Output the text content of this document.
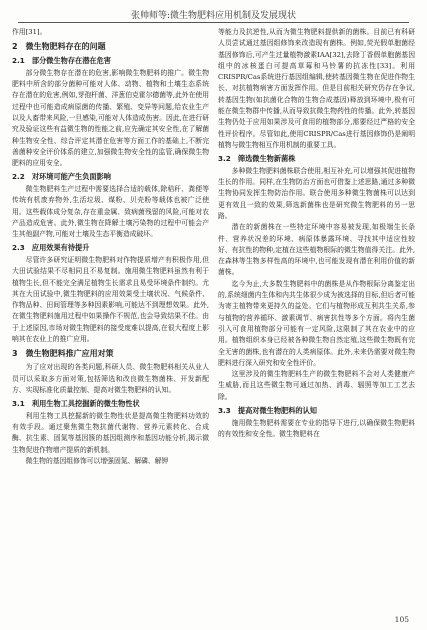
张帅师等:微生物肥料应用机制及发展现状

作用[31]。

2　微生物肥料存在的问题
2.1　部分微生物存在潜在危害

部分微生物存在潜在的危害,影响微生物肥料的推广。微生物肥料中所含的部分菌种可能对人体、动物、植物和土壤生态系统存在潜在的危害,例如,芽孢杆菌、洋葱伯克霍尔德菌等,此外在使用过程中也可能造成病原菌的传播、繁殖、变异等问题,给农业生产以及人畜带来风险,一旦感染,可能对人体造成伤害。因此,在进行研究及验证这些有益微生物的性能之前,应先确定其安全性,在了解菌种生物安全性、综合评定其潜在危害等方面工作的基础上,不断完善菌种安全评价体系的建立,加强微生物安全性的监管,确保微生物肥料的应用安全。

2.2　对环境可能产生负面影响

微生物肥料生产过程中需要选择合适的载体,除秸秆、粪便等传统有机废弃物外,生活垃圾、煤粉、贝壳粉等载体也被广泛使用。这些载体成分复杂,存在重金属、致病菌残留的风险,可能对农产品造成危害。此外,微生物在降解土壤污染物的过程中可能会产生其他副产物,可能对土壤及生态平衡造成破坏。

2.3　应用效果有待提升

尽管许多研究证明微生物肥料对作物提质增产有积极作用,但大田试验结果不尽相同且不易复制。施用微生物肥料虽然有利于植物生长,但不能完全满足植物生长需求且易受环境条件制约。尤其在大田试验中,微生物肥料的应用效果受土壤状况、气候条件、作物品种、田间管理等多种因素影响,可能达不到理想效果。此外,在微生物肥料施用过程中如果操作不规范,也会导致结果不佳。由于上述原因,市场对微生物肥料的接受度难以提高,在很大程度上影响其在农业上的推广应用。

3　微生物肥料推广应用对策

为了应对出现的各类问题,科研人员、微生物肥料相关从业人员可以采取多方面对策,包括筛选和改良微生物菌株、开发新配方、实现标准化质量控制、提高对微生物肥料的认知。

3.1　利用生物工具挖掘新的微生物性状

利用生物工具挖掘新的微生物性状是提高微生物肥料功效的有效手段。通过聚焦微生物抗菌代谢物、营养元素转化、合成酶、抗生素、固氮等基因簇的基因组测序和基因功能分析,揭示微生物促进作物增产提质的新机制。

微生物的基因组修饰可以增强固氮、解磷、解钾

等能力及抗逆性,从而为微生物肥料提供新的菌株。目前已有科研人员尝试通过基因组修饰来改造现有菌株。例如,荧光假单胞菌经基因修饰后,可产生过量植物激素IAA[32],去除丁香假单胞菌基因组中的冰核蛋白可提高草莓和马铃薯的抗冻性[33]。利用CRISPR/Cas系统进行基因组编辑,使转基因微生物在促进作物生长、对抗植物病害方面发挥作用。但是目前相关研究仍存在争议,转基因生物(如抗菌化合物的生物合成基因)释放到环境中,极有可能在微生物群中传播,从而导致抗微生物药性的传播。此外,转基因生物仍处于应用如果涉及可食用的植物部分,需要经过严格的安全性评价程序。尽管如此,使用CRISPR/Cas进行基因修饰仍是阐明植物与微生物相互作用机制的重要工具。

3.2　筛选微生物新菌株

多种微生物肥料菌株联合使用,相互补充,可以增强其促进植物生长的作用。同样,在生物防治方面也可借鉴上述思路,通过多种微生物协同发挥生物防治作用。联合使用多种微生物菌株可以达到更有效且一致的效果,筛选新菌株也是研究微生物肥料的另一思路。

潜在的新菌株在一些特定环境中容易被发现,如极端生长条件、营养状况差的环境、病原体暴露环境、寻找其中适应性较好、有抗性的物种,定植在这些植物根际的微生物值得关注。此外,在森林等生物多样性高的环境中,也可能发现有潜在利用价值的新菌株。

迄今为止,大多数生物肥料中的菌株是从作物根际分离鉴定出的,系统细菌内生体和内共生体很少成为被选择的目标,但后者可能为寄主植物带来更持久的益处。它们与植物形成互利共生关系,参与植物的营养循环、激素调节、病害抗性等多个方面。将内生菌引入可食用植物部分可能有一定风险,这限制了其在农业中的应用。植物组织本身已经被各种微生物自然定殖,这些微生物既有完全无害的菌株,也有潜在的人类病原体。此外,未来仍需要对微生物肥料进行深入研究和安全性评价。

这里涉及的微生物肥料生产的微生物肥料不会对人类健康产生威胁,而且这些微生物可通过加热、消毒、辐照等加工工艺去除。

3.3　提高对微生物肥料的认知

施用微生物肥料需要在专业的指导下进行,以确保微生物肥料的有效性和安全性。微生物肥料在

105
